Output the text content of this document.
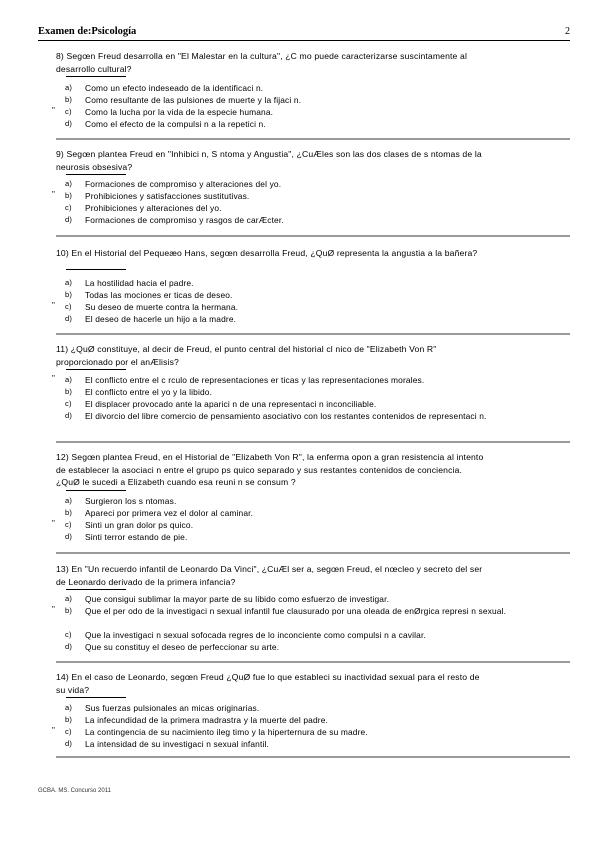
Examen de:Psicología	2
8) Segœn Freud desarrolla en "El Malestar en la cultura", ¿C mo puede caracterizarse suscintamente al desarrollo cultural?
a) Como un efecto indeseado de la identificaci n.
b) Como resultante de las pulsiones de muerte y la fijaci n.
"	c) Como la lucha por la vida de la especie humana.
d) Como el efecto de la compulsi n a la repetici n.
9) Segœn plantea Freud en "Inhibici n, S ntoma y Angustia", ¿CuÆles son las dos clases de s ntomas de la neurosis obsesiva?
a) Formaciones de compromiso y alteraciones del yo.
"	b) Prohibiciones y satisfacciones sustitutivas.
c) Prohibiciones y alteraciones del yo.
d) Formaciones de compromiso y rasgos de carÆcter.
10) En el Historial del Pequeæo Hans, segœn desarrolla Freud, ¿QuØ representa la angustia a la bañera?
a) La hostilidad hacia el padre.
b) Todas las mociones er ticas de deseo.
"	c) Su deseo de muerte contra la hermana.
d) El deseo de hacerle un hijo a la madre.
11) ¿QuØ constituye, al decir de Freud, el punto central del historial cl nico de "Elizabeth Von R" proporcionado por el anÆlisis?
"	a) El conflicto entre el c rculo de representaciones er ticas y las representaciones morales.
b) El conflicto entre el yo y la libido.
c) El displacer provocado ante la aparici n de una representaci n inconciliable.
d) El divorcio del libre comercio de pensamiento asociativo con los restantes contenidos de representaci n.
12) Segœn plantea Freud, en el Historial de "Elizabeth Von R", la enferma opon a gran resistencia al intento de establecer la asociaci n entre el grupo ps quico separado y sus restantes contenidos de conciencia. ¿QuØ le sucedi a Elizabeth cuando esa reuni n se consum ?
a) Surgieron los s ntomas.
b) Apareci por primera vez el dolor al caminar.
"	c) Sinti un gran dolor ps quico.
d) Sinti terror estando de pie.
13) En "Un recuerdo infantil de Leonardo Da Vinci", ¿CuÆl ser a, segœn Freud, el nœcleo y secreto del ser de Leonardo derivado de la primera infancia?
a) Que consigui sublimar la mayor parte de su libido como esfuerzo de investigar.
"	b) Que el per odo de la investigaci n sexual infantil fue clausurado por una oleada de enØrgica represi n sexual.
c) Que la investigaci n sexual sofocada regres de lo inconciente como compulsi n a cavilar.
d) Que su constituy el deseo de perfeccionar su arte.
14) En el caso de Leonardo, segœn Freud ¿QuØ fue lo que estableci su inactividad sexual para el resto de su vida?
a) Sus fuerzas pulsionales an micas originarias.
b) La infecundidad de la primera madrastra y la muerte del padre.
"	c) La contingencia de su nacimiento ileg timo y la hiperternura de su madre.
d) La intensidad de su investigaci n sexual infantil.
GCBA. MS. Concurso 2011
